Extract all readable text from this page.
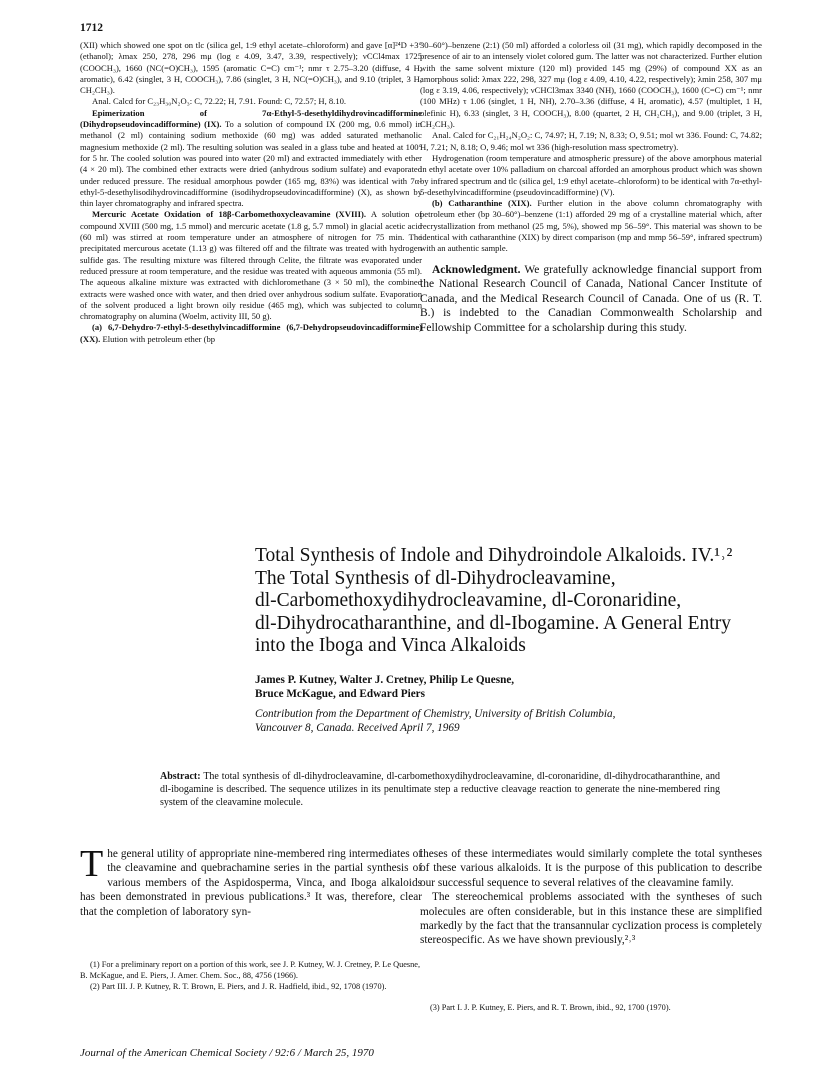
1712

(XII) which showed one spot on tlc (silica gel, 1:9 ethyl acetate–chloroform) and gave [α]²⁴D +3° (ethanol); λmax 250, 278, 296 mμ (log ε 4.09, 3.47, 3.39, respectively); νCCl4max 1725 (COOCH₃), 1660 (NC(=O)CH₃), 1595 (aromatic C=C) cm⁻¹; nmr τ 2.75–3.20 (diffuse, 4 H, aromatic), 6.42 (singlet, 3 H, COOCH₃), 7.86 (singlet, 3 H, NC(=O)CH₃), and 9.10 (triplet, 3 H, CH₂CH₃).

Anal. Calcd for C₂₃H₃₀N₂O₃: C, 72.22; H, 7.91. Found: C, 72.57; H, 8.10.

Epimerization of 7α-Ethyl-5-desethyldihydrovincadifformine (Dihydropseudovincadifformine) (IX). To a solution of compound IX (200 mg, 0.6 mmol) in methanol (2 ml) containing sodium methoxide (60 mg) was added saturated methanolic magnesium methoxide (2 ml). The resulting solution was sealed in a glass tube and heated at 100° for 5 hr. The cooled solution was poured into water (20 ml) and extracted immediately with ether (4 × 20 ml). The combined ether extracts were dried (anhydrous sodium sulfate) and evaporated under reduced pressure. The residual amorphous powder (165 mg, 83%) was identical with 7α-ethyl-5-desethylisodihydrovincadifformine (isodihydropseudovincadifformine) (X), as shown by thin layer chromatography and infrared spectra.

Mercuric Acetate Oxidation of 18β-Carbomethoxycleavamine (XVIII). A solution of compound XVIII (500 mg, 1.5 mmol) and mercuric acetate (1.8 g, 5.7 mmol) in glacial acetic acid (60 ml) was stirred at room temperature under an atmosphere of nitrogen for 75 min. The precipitated mercurous acetate (1.13 g) was filtered off and the filtrate was treated with hydrogen sulfide gas. The resulting mixture was filtered through Celite, the filtrate was evaporated under reduced pressure at room temperature, and the residue was treated with aqueous ammonia (55 ml). The aqueous alkaline mixture was extracted with dichloromethane (3 × 50 ml), the combined extracts were washed once with water, and then dried over anhydrous sodium sulfate. Evaporation of the solvent produced a light brown oily residue (465 mg), which was subjected to column chromatography on alumina (Woelm, activity III, 50 g).

(a) 6,7-Dehydro-7-ethyl-5-desethylvincadifformine (6,7-Dehydropseudovincadifformine) (XX). Elution with petroleum ether (bp

30–60°)–benzene (2:1) (50 ml) afforded a colorless oil (31 mg), which rapidly decomposed in the presence of air to an intensely violet colored gum. The latter was not characterized. Further elution with the same solvent mixture (120 ml) provided 145 mg (29%) of compound XX as an amorphous solid: λmax 222, 298, 327 mμ (log ε 4.09, 4.10, 4.22, respectively); λmin 258, 307 mμ (log ε 3.19, 4.06, respectively); νCHCl3max 3340 (NH), 1660 (COOCH₃), 1600 (C=C) cm⁻¹; nmr (100 MHz) τ 1.06 (singlet, 1 H, NH), 2.70–3.36 (diffuse, 4 H, aromatic), 4.57 (multiplet, 1 H, olefinic H), 6.33 (singlet, 3 H, COOCH₃), 8.00 (quartet, 2 H, CH₂CH₃), and 9.00 (triplet, 3 H, CH₂CH₃).

Anal. Calcd for C₂₁H₂₄N₂O₂: C, 74.97; H, 7.19; N, 8.33; O, 9.51; mol wt 336. Found: C, 74.82; H, 7.21; N, 8.18; O, 9.46; mol wt 336 (high-resolution mass spectrometry).

Hydrogenation (room temperature and atmospheric pressure) of the above amorphous material in ethyl acetate over 10% palladium on charcoal afforded an amorphous product which was shown by infrared spectrum and tlc (silica gel, 1:9 ethyl acetate–chloroform) to be identical with 7α-ethyl-5-desethylvincadifformine (pseudovincadifformine) (V).

(b) Catharanthine (XIX). Further elution in the above column chromatography with petroleum ether (bp 30–60°)–benzene (1:1) afforded 29 mg of a crystalline material which, after recrystallization from methanol (25 mg, 5%), showed mp 56–59°. This material was shown to be identical with catharanthine (XIX) by direct comparison (mp and mmp 56–59°, infrared spectrum) with an authentic sample.

Acknowledgment. We gratefully acknowledge financial support from the National Research Council of Canada, National Cancer Institute of Canada, and the Medical Research Council of Canada. One of us (R. T. B.) is indebted to the Canadian Commonwealth Scholarship and Fellowship Committee for a scholarship during this study.

Total Synthesis of Indole and Dihydroindole Alkaloids. IV.¹˒²

The Total Synthesis of dl-Dihydrocleavamine,

dl-Carbomethoxydihydrocleavamine, dl-Coronaridine,

dl-Dihydrocatharanthine, and dl-Ibogamine. A General Entry

into the Iboga and Vinca Alkaloids

James P. Kutney, Walter J. Cretney, Philip Le Quesne,
Bruce McKague, and Edward Piers
Contribution from the Department of Chemistry, University of British Columbia,
Vancouver 8, Canada. Received April 7, 1969
Abstract: The total synthesis of dl-dihydrocleavamine, dl-carbomethoxydihydrocleavamine, dl-coronaridine, dl-dihydrocatharanthine, and dl-ibogamine is described. The sequence utilizes in its penultimate step a reductive cleavage reaction to generate the nine-membered ring system of the cleavamine molecule.
The general utility of appropriate nine-membered ring intermediates of the cleavamine and quebrachamine series in the partial synthesis of various members of the Aspidosperma, Vinca, and Iboga alkaloids has been demonstrated in previous publications.³ It was, therefore, clear that the completion of laboratory syn-

theses of these intermediates would similarly complete the total syntheses of these various alkaloids. It is the purpose of this publication to describe our successful sequence to several relatives of the cleavamine family.

The stereochemical problems associated with the syntheses of such molecules are often considerable, but in this instance these are simplified markedly by the fact that the transannular cyclization process is completely stereospecific. As we have shown previously,²˒³

(1) For a preliminary report on a portion of this work, see J. P. Kutney, W. J. Cretney, P. Le Quesne, B. McKague, and E. Piers, J. Amer. Chem. Soc., 88, 4756 (1966).

(2) Part III. J. P. Kutney, R. T. Brown, E. Piers, and J. R. Hadfield, ibid., 92, 1708 (1970).

(3) Part I. J. P. Kutney, E. Piers, and R. T. Brown, ibid., 92, 1700 (1970).

Journal of the American Chemical Society / 92:6 / March 25, 1970
